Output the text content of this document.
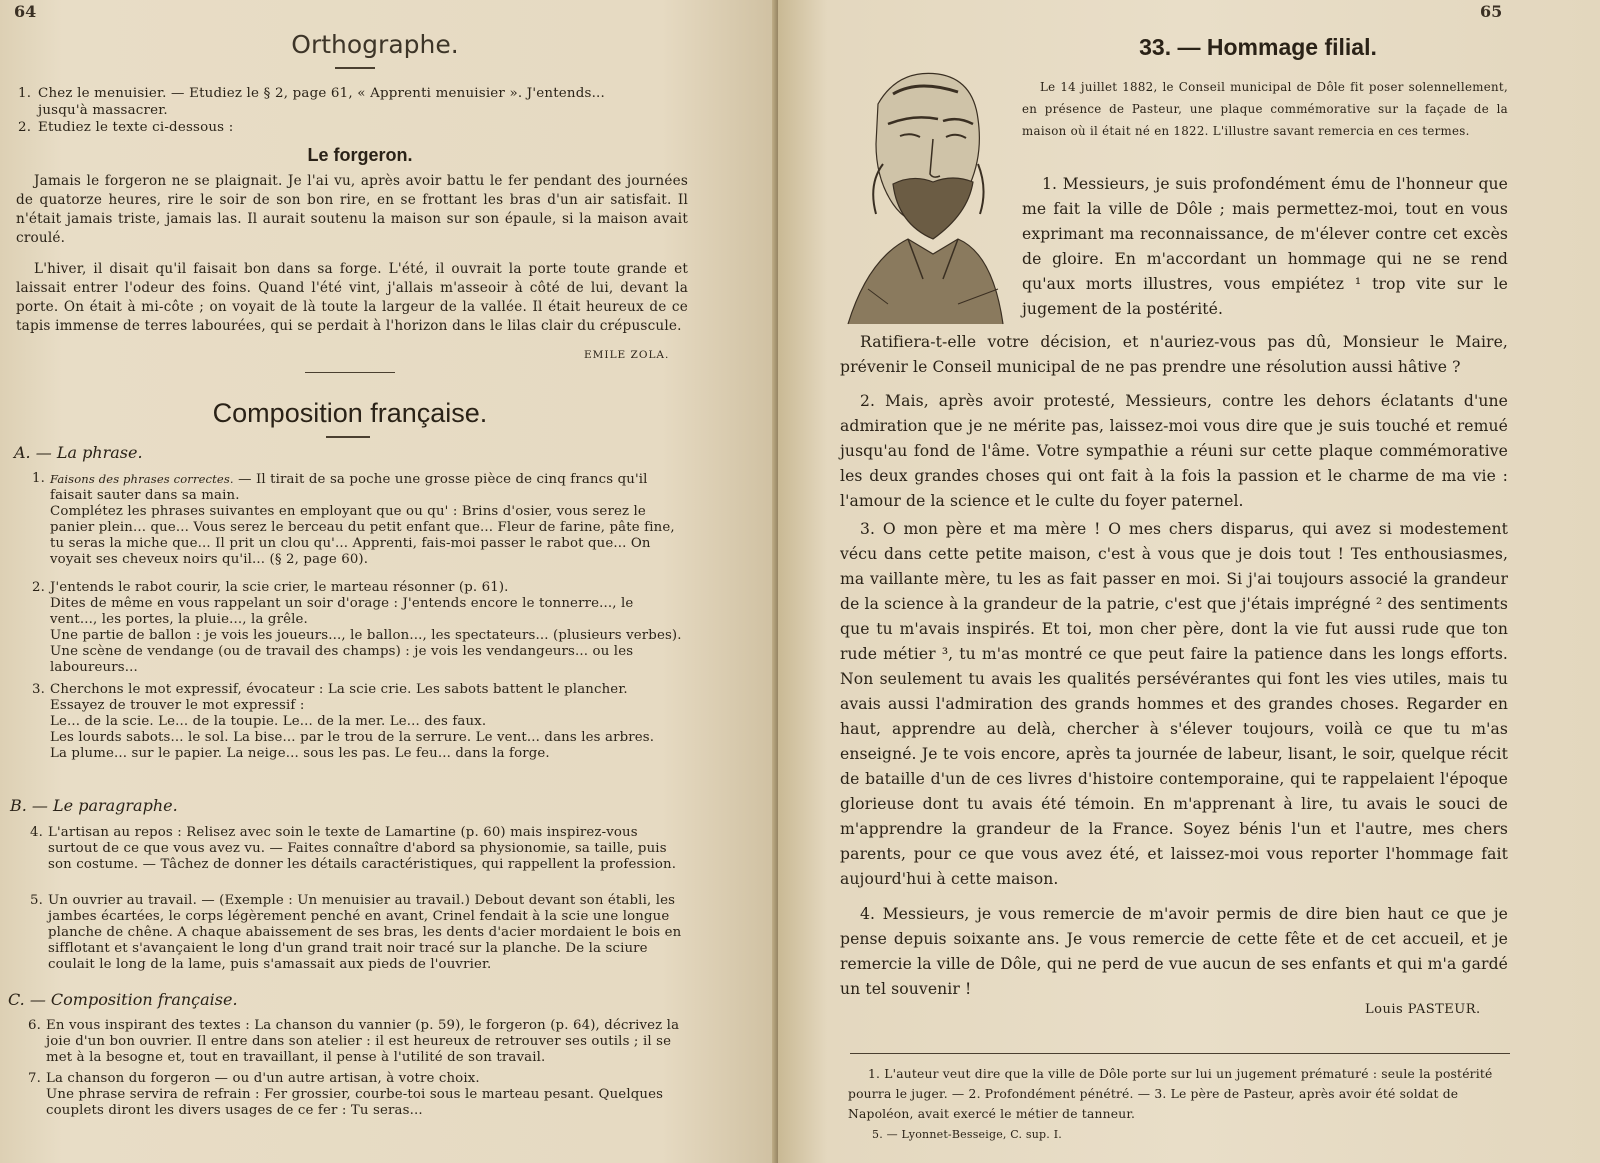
64
Orthographe.
1. Chez le menuisier. — Etudiez le § 2, page 61, « Apprenti menuisier ». J'entends...
jusqu'à massacrer.
2. Etudiez le texte ci-dessous :
Le forgeron.
Jamais le forgeron ne se plaignait. Je l'ai vu, après avoir battu le fer pendant des journées de quatorze heures, rire le soir de son bon rire, en se frottant les bras d'un air satisfait. Il n'était jamais triste, jamais las. Il aurait soutenu la maison sur son épaule, si la maison avait croulé.
L'hiver, il disait qu'il faisait bon dans sa forge. L'été, il ouvrait la porte toute grande et laissait entrer l'odeur des foins. Quand l'été vint, j'allais m'asseoir à côté de lui, devant la porte. On était à mi-côte ; on voyait de là toute la largeur de la vallée. Il était heureux de ce tapis immense de terres labourées, qui se perdait à l'horizon dans le lilas clair du crépuscule.
EMILE ZOLA.
Composition française.
A. — La phrase.
1. Faisons des phrases correctes. — Il tirait de sa poche une grosse pièce de cinq francs qu'il faisait sauter dans sa main.
Complétez les phrases suivantes en employant que ou qu' : Brins d'osier, vous serez le panier plein... que... Vous serez le berceau du petit enfant que... Fleur de farine, pâte fine, tu seras la miche que... Il prit un clou qu'... Apprenti, fais-moi passer le rabot que... On voyait ses cheveux noirs qu'il... (§ 2, page 60).
2. J'entends le rabot courir, la scie crier, le marteau résonner (p. 61).
Dites de même en vous rappelant un soir d'orage : J'entends encore le tonnerre..., le vent..., les portes, la pluie..., la grêle.
Une partie de ballon : je vois les joueurs..., le ballon..., les spectateurs... (plusieurs verbes). Une scène de vendange (ou de travail des champs) : je vois les vendangeurs... ou les laboureurs...
3. Cherchons le mot expressif, évocateur : La scie crie. Les sabots battent le plancher.
Essayez de trouver le mot expressif :
Le... de la scie. Le... de la toupie. Le... de la mer. Le... des faux.
Les lourds sabots... le sol. La bise... par le trou de la serrure. Le vent... dans les arbres.
La plume... sur le papier. La neige... sous les pas. Le feu... dans la forge.
B. — Le paragraphe.
4. L'artisan au repos : Relisez avec soin le texte de Lamartine (p. 60) mais inspirez-vous surtout de ce que vous avez vu. — Faites connaître d'abord sa physionomie, sa taille, puis son costume. — Tâchez de donner les détails caractéristiques, qui rappellent la profession.
5. Un ouvrier au travail. — (Exemple : Un menuisier au travail.) Debout devant son établi, les jambes écartées, le corps légèrement penché en avant, Crinel fendait à la scie une longue planche de chêne. A chaque abaissement de ses bras, les dents d'acier mordaient le bois en sifflotant et s'avançaient le long d'un grand trait noir tracé sur la planche. De la sciure coulait le long de la lame, puis s'amassait aux pieds de l'ouvrier.
C. — Composition française.
6. En vous inspirant des textes : La chanson du vannier (p. 59), le forgeron (p. 64), décrivez la joie d'un bon ouvrier. Il entre dans son atelier : il est heureux de retrouver ses outils ; il se met à la besogne et, tout en travaillant, il pense à l'utilité de son travail.
7. La chanson du forgeron — ou d'un autre artisan, à votre choix.
Une phrase servira de refrain : Fer grossier, courbe-toi sous le marteau pesant. Quelques couplets diront les divers usages de ce fer : Tu seras...
65
33. — Hommage filial.
Le 14 juillet 1882, le Conseil municipal de Dôle fit poser solennellement, en présence de Pasteur, une plaque commémorative sur la façade de la maison où il était né en 1822. L'illustre savant remercia en ces termes.

1. Messieurs, je suis profondément ému de l'honneur que me fait la ville de Dôle ; mais permettez-moi, tout en vous exprimant ma reconnaissance, de m'élever contre cet excès de gloire. En m'accordant un hommage qui ne se rend qu'aux morts illustres, vous empiétez ¹ trop vite sur le jugement de la postérité.

Ratifiera-t-elle votre décision, et n'auriez-vous pas dû, Monsieur le Maire, prévenir le Conseil municipal de ne pas prendre une résolution aussi hâtive ?

2. Mais, après avoir protesté, Messieurs, contre les dehors éclatants d'une admiration que je ne mérite pas, laissez-moi vous dire que je suis touché et remué jusqu'au fond de l'âme. Votre sympathie a réuni sur cette plaque commémorative les deux grandes choses qui ont fait à la fois la passion et le charme de ma vie : l'amour de la science et le culte du foyer paternel.

3. O mon père et ma mère ! O mes chers disparus, qui avez si modestement vécu dans cette petite maison, c'est à vous que je dois tout ! Tes enthousiasmes, ma vaillante mère, tu les as fait passer en moi. Si j'ai toujours associé la grandeur de la science à la grandeur de la patrie, c'est que j'étais imprégné ² des sentiments que tu m'avais inspirés. Et toi, mon cher père, dont la vie fut aussi rude que ton rude métier ³, tu m'as montré ce que peut faire la patience dans les longs efforts. Non seulement tu avais les qualités persévérantes qui font les vies utiles, mais tu avais aussi l'admiration des grands hommes et des grandes choses. Regarder en haut, apprendre au delà, chercher à s'élever toujours, voilà ce que tu m'as enseigné. Je te vois encore, après ta journée de labeur, lisant, le soir, quelque récit de bataille d'un de ces livres d'histoire contemporaine, qui te rappelaient l'époque glorieuse dont tu avais été témoin. En m'apprenant à lire, tu avais le souci de m'apprendre la grandeur de la France. Soyez bénis l'un et l'autre, mes chers parents, pour ce que vous avez été, et laissez-moi vous reporter l'hommage fait aujourd'hui à cette maison.

4. Messieurs, je vous remercie de m'avoir permis de dire bien haut ce que je pense depuis soixante ans. Je vous remercie de cette fête et de cet accueil, et je remercie la ville de Dôle, qui ne perd de vue aucun de ses enfants et qui m'a gardé un tel souvenir !

Louis PASTEUR.
1. L'auteur veut dire que la ville de Dôle porte sur lui un jugement prématuré : seule la postérité pourra le juger. — 2. Profondément pénétré. — 3. Le père de Pasteur, après avoir été soldat de Napoléon, avait exercé le métier de tanneur.
5. — Lyonnet-Besseige, C. sup. I.
